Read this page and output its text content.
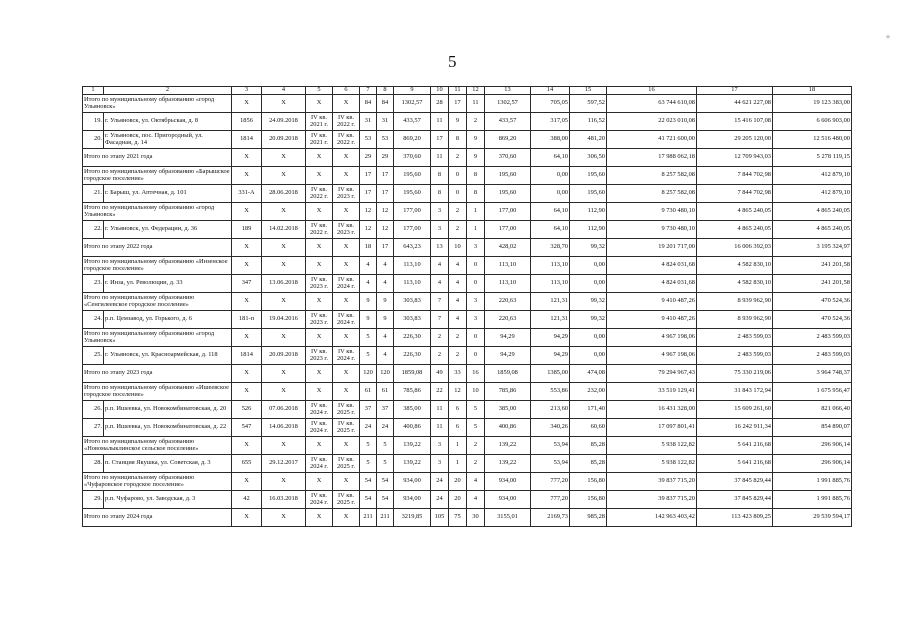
5
+
1	2	3	4	5	6	7	8	9	10	11	12	13	14	15	16	17	18
Итого по муниципальному образованию «город Ульяновск»		X	X	X	X	84	84	1302,57	28	17	11	1302,57	705,05	597,52	63 744 610,08	44 621 227,08	19 123 383,00
19.	г. Ульяновск, ул. Октябрьская, д. 8	1856	24.09.2018	IV кв. 2021 г.	IV кв. 2022 г.	31	31	433,57	11	9	2	433,57	317,05	116,52	22 023 010,08	15 416 107,08	6 606 903,00
20.	г. Ульяновск, пос. Пригородный, ул. Фасадная, д. 14	1814	20.09.2018	IV кв. 2021 г.	IV кв. 2022 г.	53	53	869,20	17	8	9	869,20	388,00	481,20	41 721 600,00	29 205 120,00	12 516 480,00
Итого по этапу 2021 года		X	X	X	X	29	29	370,60	11	2	9	370,60	64,10	306,50	17 988 062,18	12 709 943,03	5 278 119,15
Итого по муниципальному образованию «Барышское городское поселение»		X	X	X	X	17	17	195,60	8	0	8	195,60	0,00	195,60	8 257 582,08	7 844 702,98	412 879,10
21.	г. Барыш, ул. Аптечная, д. 101	331-А	28.06.2018	IV кв. 2022 г.	IV кв. 2023 г.	17	17	195,60	8	0	8	195,60	0,00	195,60	8 257 582,08	7 844 702,98	412 879,10
Итого по муниципальному образованию «город Ульяновск»		X	X	X	X	12	12	177,00	3	2	1	177,00	64,10	112,90	9 730 480,10	4 865 240,05	4 865 240,05
22.	г. Ульяновск, ул. Федерации, д. 36	189	14.02.2018	IV кв. 2022 г.	IV кв. 2023 г.	12	12	177,00	3	2	1	177,00	64,10	112,90	9 730 480,10	4 865 240,05	4 865 240,05
Итого по этапу 2022 года		X	X	X	X	18	17	643,23	13	10	3	428,02	328,70	99,32	19 201 717,00	16 006 392,03	3 195 324,97
Итого по муниципальному образованию «Инзенское городское поселение»		X	X	X	X	4	4	113,10	4	4	0	113,10	113,10	0,00	4 824 031,68	4 582 830,10	241 201,58
23.	г. Инза, ул. Революции, д. 33	347	13.06.2018	IV кв. 2023 г.	IV кв. 2024 г.	4	4	113,10	4	4	0	113,10	113,10	0,00	4 824 031,68	4 582 830,10	241 201,58
Итого по муниципальному образованию «Сенгилеевское городское поселение»		X	X	X	X	9	9	303,83	7	4	3	220,63	121,31	99,32	9 410 487,26	8 939 962,90	470 524,36
24.	р.п. Цемзавод, ул. Горького, д. 6	181-п	19.04.2016	IV кв. 2023 г.	IV кв. 2024 г.	9	9	303,83	7	4	3	220,63	121,31	99,32	9 410 487,26	8 939 962,90	470 524,36
Итого по муниципальному образованию «город Ульяновск»		X	X	X	X	5	4	226,30	2	2	0	94,29	94,29	0,00	4 967 198,06	2 483 599,03	2 483 599,03
25.	г. Ульяновск, ул. Красноармейская, д. 118	1814	20.09.2018	IV кв. 2023 г.	IV кв. 2024 г.	5	4	226,30	2	2	0	94,29	94,29	0,00	4 967 198,06	2 483 599,03	2 483 599,03
Итого по этапу 2023 года		X	X	X	X	120	120	1859,08	49	33	16	1859,08	1385,00	474,08	79 294 967,43	75 330 219,06	3 964 748,37
Итого по муниципальному образованию «Ишеевское городское поселение»		X	X	X	X	61	61	785,86	22	12	10	785,86	553,86	232,00	33 519 129,41	31 843 172,94	1 675 956,47
26.	р.п. Ишеевка, ул. Новокомбинатовская, д. 20	526	07.06.2018	IV кв. 2024 г.	IV кв. 2025 г.	37	37	385,00	11	6	5	385,00	213,60	171,40	16 431 328,00	15 609 261,60	821 066,40
27.	р.п. Ишеевка, ул. Новокомбинатовская, д. 22	547	14.06.2018	IV кв. 2024 г.	IV кв. 2025 г.	24	24	400,86	11	6	5	400,86	340,26	60,60	17 097 801,41	16 242 911,34	854 890,07
Итого по муниципальному образованию «Новомалыклинское сельское поселение»		X	X	X	X	5	5	139,22	3	1	2	139,22	53,94	85,28	5 938 122,82	5 641 216,68	296 906,14
28.	п. Станция Якушка, ул. Советская, д. 3	655	29.12.2017	IV кв. 2024 г.	IV кв. 2025 г.	5	5	139,22	3	1	2	139,22	53,94	85,28	5 938 122,82	5 641 216,68	296 906,14
Итого по муниципальному образованию «Чуфаровское городское поселение»		X	X	X	X	54	54	934,00	24	20	4	934,00	777,20	156,80	39 837 715,20	37 845 829,44	1 991 885,76
29.	р.п. Чуфарово, ул. Заводская, д. 3	42	16.03.2018	IV кв. 2024 г.	IV кв. 2025 г.	54	54	934,00	24	20	4	934,00	777,20	156,80	39 837 715,20	37 845 829,44	1 991 885,76
Итого по этапу 2024 года		X	X	X	X	211	211	3219,85	105	75	30	3155,01	2169,73	985,28	142 963 403,42	113 423 809,25	29 539 594,17
